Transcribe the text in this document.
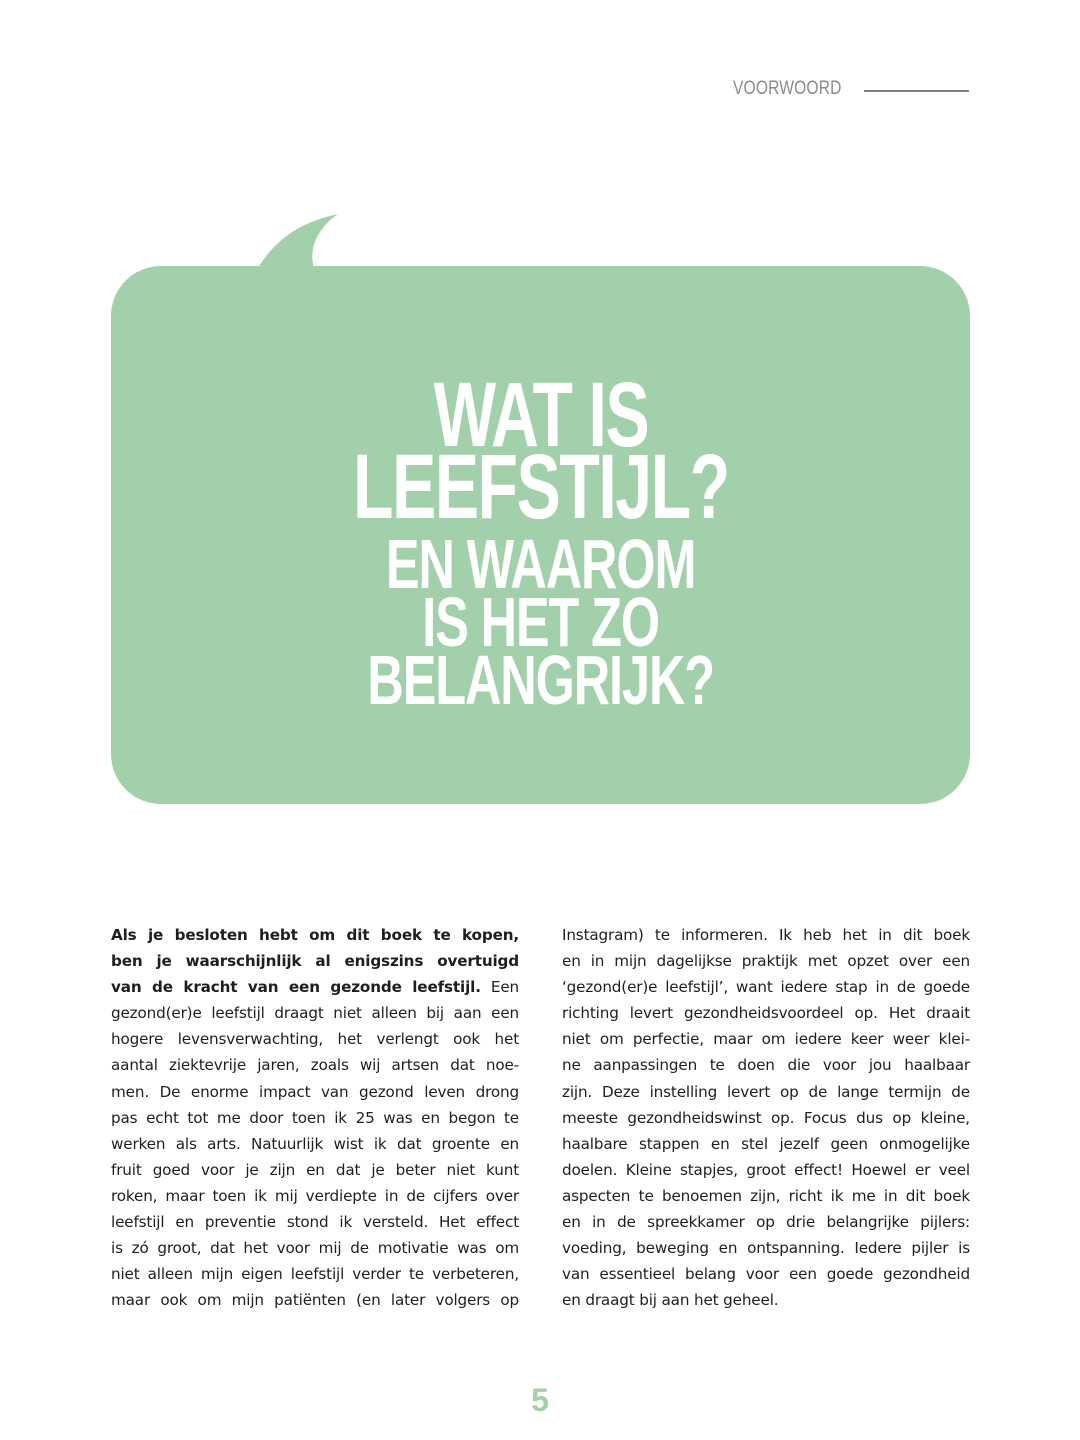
VOORWOORD
WAT IS
LEEFSTIJL?
EN WAAROM
IS HET ZO
BELANGRIJK?
Als je besloten hebt om dit boek te kopen,
ben je waarschijnlijk al enigszins overtuigd
van de kracht van een gezonde leefstijl. Een
gezond(er)e leefstijl draagt niet alleen bij aan een
hogere levensverwachting, het verlengt ook het
aantal ziektevrije jaren, zoals wij artsen dat noe-
men. De enorme impact van gezond leven drong
pas echt tot me door toen ik 25 was en begon te
werken als arts. Natuurlijk wist ik dat groente en
fruit goed voor je zijn en dat je beter niet kunt
roken, maar toen ik mij verdiepte in de cijfers over
leefstijl en preventie stond ik versteld. Het effect
is zó groot, dat het voor mij de motivatie was om
niet alleen mijn eigen leefstijl verder te verbeteren,
maar ook om mijn patiënten (en later volgers op
Instagram) te informeren. Ik heb het in dit boek
en in mijn dagelijkse praktijk met opzet over een
‘gezond(er)e leefstijl’, want iedere stap in de goede
richting levert gezondheidsvoordeel op. Het draait
niet om perfectie, maar om iedere keer weer klei-
ne aanpassingen te doen die voor jou haalbaar
zijn. Deze instelling levert op de lange termijn de
meeste gezondheidswinst op. Focus dus op kleine,
haalbare stappen en stel jezelf geen onmogelijke
doelen. Kleine stapjes, groot effect! Hoewel er veel
aspecten te benoemen zijn, richt ik me in dit boek
en in de spreekkamer op drie belangrijke pijlers:
voeding, beweging en ontspanning. Iedere pijler is
van essentieel belang voor een goede gezondheid
en draagt bij aan het geheel.
5
